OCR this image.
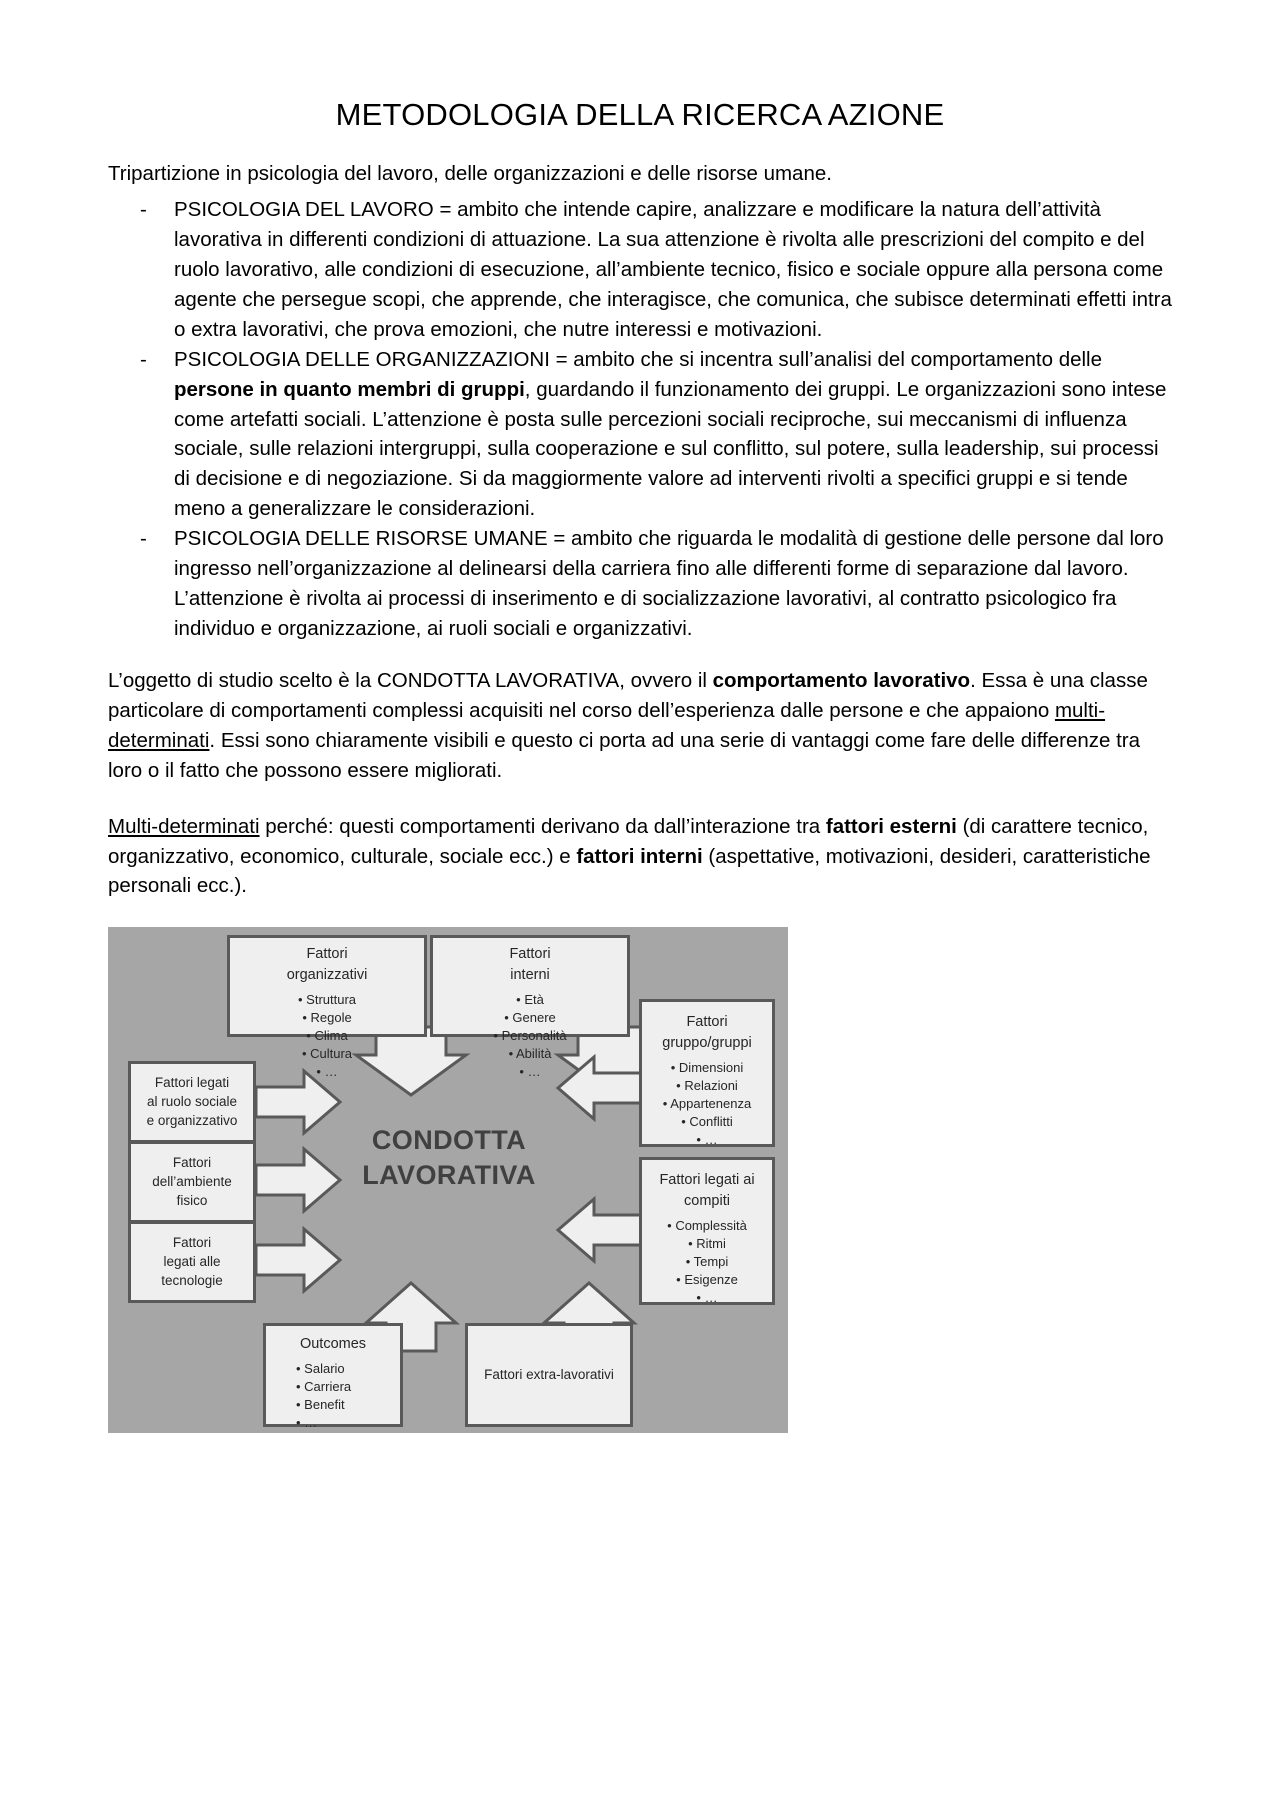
METODOLOGIA DELLA RICERCA AZIONE

Tripartizione in psicologia del lavoro, delle organizzazioni e delle risorse umane.

- PSICOLOGIA DEL LAVORO = ambito che intende capire, analizzare e modificare la natura dell’attività lavorativa in differenti condizioni di attuazione. La sua attenzione è rivolta alle prescrizioni del compito e del ruolo lavorativo, alle condizioni di esecuzione, all’ambiente tecnico, fisico e sociale oppure alla persona come agente che persegue scopi, che apprende, che interagisce, che comunica, che subisce determinati effetti intra o extra lavorativi, che prova emozioni, che nutre interessi e motivazioni.
- PSICOLOGIA DELLE ORGANIZZAZIONI = ambito che si incentra sull’analisi del comportamento delle persone in quanto membri di gruppi, guardando il funzionamento dei gruppi. Le organizzazioni sono intese come artefatti sociali. L’attenzione è posta sulle percezioni sociali reciproche, sui meccanismi di influenza sociale, sulle relazioni intergruppi, sulla cooperazione e sul conflitto, sul potere, sulla leadership, sui processi di decisione e di negoziazione. Si da maggiormente valore ad interventi rivolti a specifici gruppi e si tende meno a generalizzare le considerazioni.
- PSICOLOGIA DELLE RISORSE UMANE = ambito che riguarda le modalità di gestione delle persone dal loro ingresso nell’organizzazione al delinearsi della carriera fino alle differenti forme di separazione dal lavoro. L’attenzione è rivolta ai processi di inserimento e di socializzazione lavorativi, al contratto psicologico fra individuo e organizzazione, ai ruoli sociali e organizzativi.

L’oggetto di studio scelto è la CONDOTTA LAVORATIVA, ovvero il comportamento lavorativo. Essa è una classe particolare di comportamenti complessi acquisiti nel corso dell’esperienza dalle persone e che appaiono multi-determinati. Essi sono chiaramente visibili e questo ci porta ad una serie di vantaggi come fare delle differenze tra loro o il fatto che possono essere migliorati.

Multi-determinati perché: questi comportamenti derivano da dall’interazione tra fattori esterni (di carattere tecnico, organizzativo, economico, culturale, sociale ecc.) e fattori interni (aspettative, motivazioni, desideri, caratteristiche personali ecc.).

CONDOTTA
LAVORATIVA
Fattori
organizzativi
• Struttura
• Regole
• Clima
• Cultura
• …
Fattori
interni
• Età
• Genere
• Personalità
• Abilità
• …
Fattori
gruppo/gruppi
• Dimensioni
• Relazioni
• Appartenenza
• Conflitti
• …
Fattori legati ai
compiti
• Complessità
• Ritmi
• Tempi
• Esigenze
• …
Fattori legati
al ruolo sociale
e organizzativo
Fattori
dell’ambiente
fisico
Fattori
legati alle
tecnologie
Outcomes
• Salario
• Carriera
• Benefit
• …
Fattori extra-lavorativi
